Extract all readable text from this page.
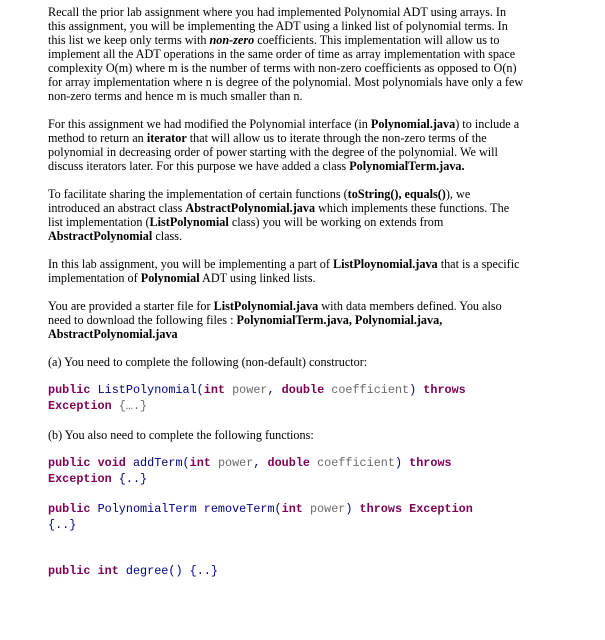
Recall the prior lab assignment where you had implemented Polynomial ADT using arrays. In
this assignment, you will be implementing the ADT using a linked list of polynomial terms. In
this list we keep only terms with non-zero coefficients. This implementation will allow us to
implement all the ADT operations in the same order of time as array implementation with space
complexity O(m) where m is the number of terms with non-zero coefficients as opposed to O(n)
for array implementation where n is degree of the polynomial. Most polynomials have only a few
non-zero terms and hence m is much smaller than n.

For this assignment we had modified the Polynomial interface (in Polynomial.java) to include a
method to return an iterator that will allow us to iterate through the non-zero terms of the
polynomial in decreasing order of power starting with the degree of the polynomial. We will
discuss iterators later. For this purpose we have added a class PolynomialTerm.java.

To facilitate sharing the implementation of certain functions (toString(), equals()), we
introduced an abstract class AbstractPolynomial.java which implements these functions. The
list implementation (ListPolynomial class) you will be working on extends from
AbstractPolynomial class.

In this lab assignment, you will be implementing a part of ListPloynomial.java that is a specific
implementation of Polynomial ADT using linked lists.

You are provided a starter file for ListPolynomial.java with data members defined. You also
need to download the following files : PolynomialTerm.java, Polynomial.java,
AbstractPolynomial.java

(a) You need to complete the following (non-default) constructor:

public ListPolynomial(int power, double coefficient) throws
Exception {….}

(b) You also need to complete the following functions:

public void addTerm(int power, double coefficient) throws
Exception {..}
public PolynomialTerm removeTerm(int power) throws Exception
{..}
public int degree() {..}
